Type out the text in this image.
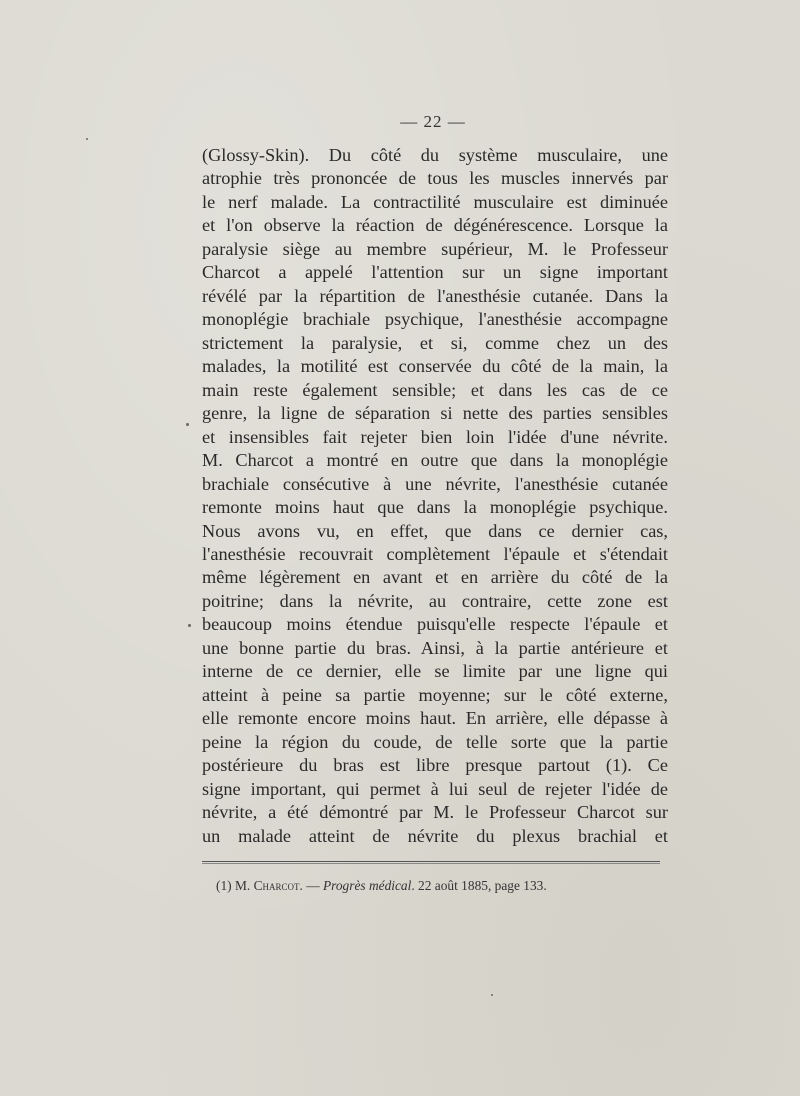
— 22 —
(Glossy-Skin). Du côté du système musculaire, une
atrophie très prononcée de tous les muscles innervés par
le nerf malade. La contractilité musculaire est diminuée
et l'on observe la réaction de dégénérescence. Lorsque la
paralysie siège au membre supérieur, M. le Professeur
Charcot a appelé l'attention sur un signe important
révélé par la répartition de l'anesthésie cutanée. Dans la
monoplégie brachiale psychique, l'anesthésie accompagne
strictement la paralysie, et si, comme chez un des
malades, la motilité est conservée du côté de la main, la
main reste également sensible; et dans les cas de ce
genre, la ligne de séparation si nette des parties sensibles
et insensibles fait rejeter bien loin l'idée d'une névrite.
M. Charcot a montré en outre que dans la monoplégie
brachiale consécutive à une névrite, l'anesthésie cutanée
remonte moins haut que dans la monoplégie psychique.
Nous avons vu, en effet, que dans ce dernier cas,
l'anesthésie recouvrait complètement l'épaule et s'étendait
même légèrement en avant et en arrière du côté de la
poitrine; dans la névrite, au contraire, cette zone est
beaucoup moins étendue puisqu'elle respecte l'épaule et
une bonne partie du bras. Ainsi, à la partie antérieure et
interne de ce dernier, elle se limite par une ligne qui
atteint à peine sa partie moyenne; sur le côté externe,
elle remonte encore moins haut. En arrière, elle dépasse à
peine la région du coude, de telle sorte que la partie
postérieure du bras est libre presque partout (1). Ce
signe important, qui permet à lui seul de rejeter l'idée de
névrite, a été démontré par M. le Professeur Charcot sur
un malade atteint de névrite du plexus brachial et
(1) M. Charcot. — Progrès médical. 22 août 1885, page 133.
